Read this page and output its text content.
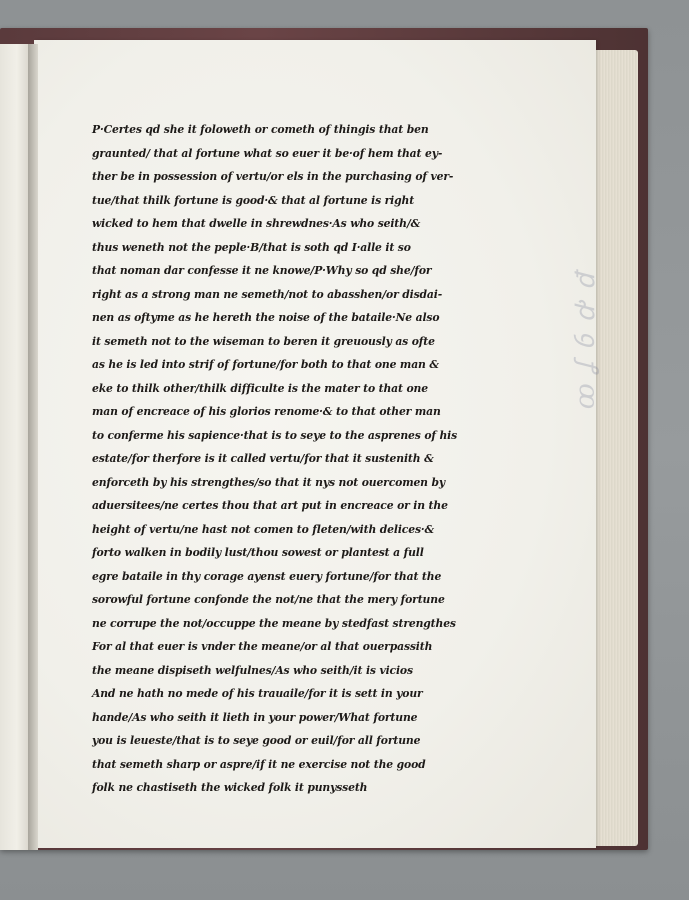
ꝑ ꝓ ꝯ ꝭ ꝏ
P·Certes qd she it foloweth or cometh of thingis that ben
graunted/ that al fortune what so euer it be·of hem that ey-
ther be in possession of vertu/or els in the purchasing of ver-
tue/that thilk fortune is good·& that al fortune is right
wicked to hem that dwelle in shrewdnes·As who seith/&
thus weneth not the peple·B/that is soth qd I·alle it so
that noman dar confesse it ne knowe/P·Why so qd she/for
right as a strong man ne semeth/not to abasshen/or disdai-
nen as oftyme as he hereth the noise of the bataile·Ne also
it semeth not to the wiseman to beren it greuously as ofte
as he is led into strif of fortune/for both to that one man &
eke to thilk other/thilk difficulte is the mater to that one
man of encreace of his glorios renome·& to that other man
to conferme his sapience·that is to seye to the asprenes of his
estate/for therfore is it called vertu/for that it sustenith &
enforceth by his strengthes/so that it nys not ouercomen by
aduersitees/ne certes thou that art put in encreace or in the
height of vertu/ne hast not comen to fleten/with delices·&
forto walken in bodily lust/thou sowest or plantest a full
egre bataile in thy corage ayenst euery fortune/for that the
sorowful fortune confonde the not/ne that the mery fortune
ne corrupe the not/occuppe the meane by stedfast strengthes
For al that euer is vnder the meane/or al that ouerpassith
the meane dispiseth welfulnes/As who seith/it is vicios
And ne hath no mede of his trauaile/for it is sett in your
hande/As who seith it lieth in your power/What fortune
you is leueste/that is to seye good or euil/for all fortune
that semeth sharp or aspre/if it ne exercise not the good
folk ne chastiseth the wicked folk it punysseth
